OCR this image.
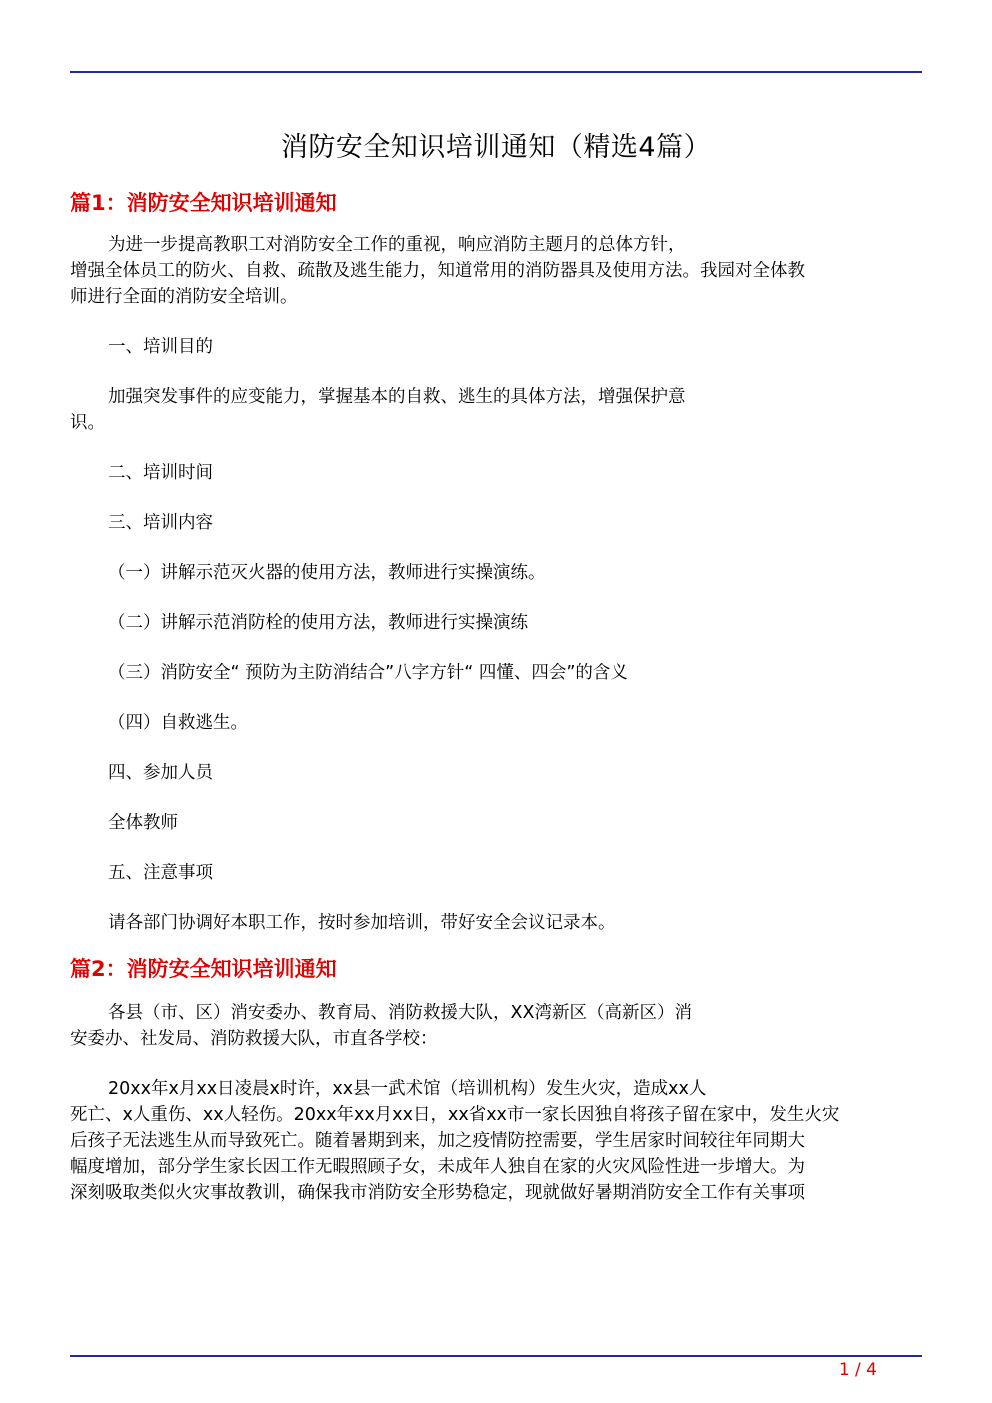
消防安全知识培训通知（精选4篇）
篇1：消防安全知识培训通知

为进一步提高教职工对消防安全工作的重视，响应消防主题月的总体方针，
增强全体员工的防火、自救、疏散及逃生能力，知道常用的消防器具及使用方法。我园对全体教
师进行全面的消防安全培训。

一、培训目的

加强突发事件的应变能力，掌握基本的自救、逃生的具体方法，增强保护意
识。

二、培训时间

三、培训内容

（一）讲解示范灭火器的使用方法，教师进行实操演练。

（二）讲解示范消防栓的使用方法，教师进行实操演练

（三）消防安全“ 预防为主防消结合”八字方针“ 四懂、四会”的含义

（四）自救逃生。

四、参加人员

全体教师

五、注意事项

请各部门协调好本职工作，按时参加培训，带好安全会议记录本。

篇2：消防安全知识培训通知

各县（市、区）消安委办、教育局、消防救援大队，XX湾新区（高新区）消
安委办、社发局、消防救援大队，市直各学校：

20xx年x月xx日凌晨x时许，xx县一武术馆（培训机构）发生火灾，造成xx人
死亡、x人重伤、xx人轻伤。20xx年xx月xx日，xx省xx市一家长因独自将孩子留在家中，发生火灾
后孩子无法逃生从而导致死亡。随着暑期到来，加之疫情防控需要，学生居家时间较往年同期大
幅度增加，部分学生家长因工作无暇照顾子女，未成年人独自在家的火灾风险性进一步增大。为
深刻吸取类似火灾事故教训，确保我市消防安全形势稳定，现就做好暑期消防安全工作有关事项

1 / 4
